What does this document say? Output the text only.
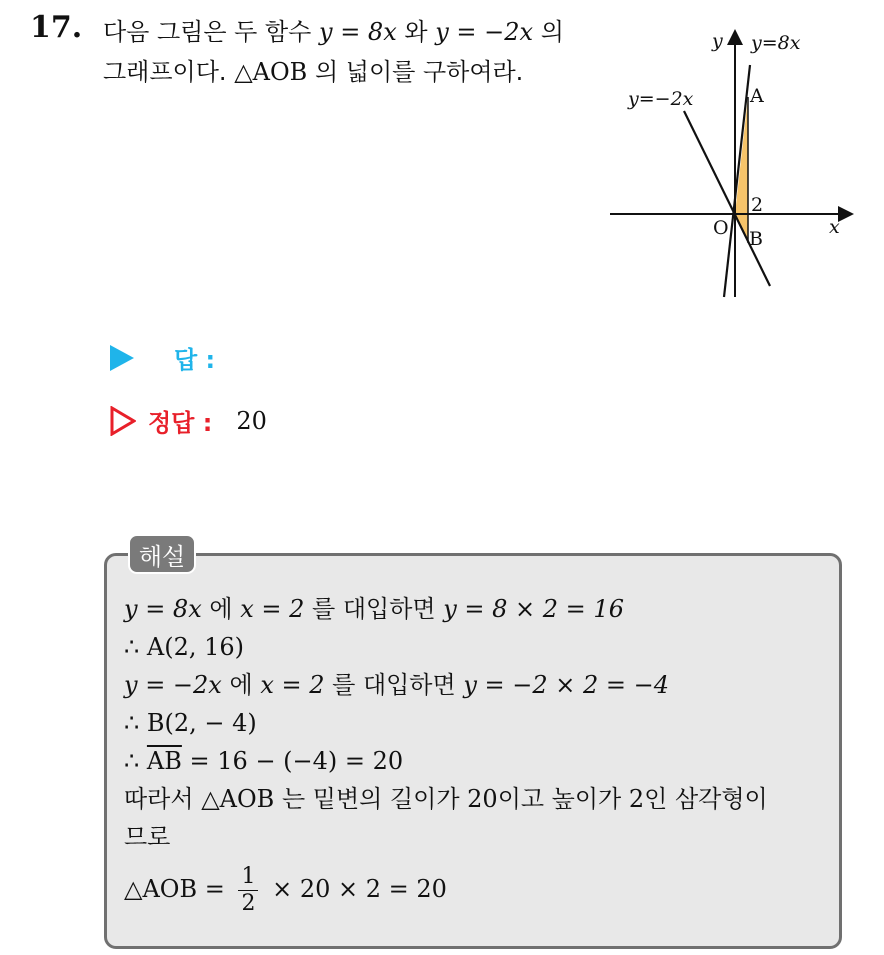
17. 다음 그림은 두 함수 y = 8x 와 y = −2x 의
그래프이다. △AOB 의 넓이를 구하여라.
y y=8x
y=−2x	A
2
O B
x
답 :
정답 : 20
해설
y = 8x 에 x = 2 를 대입하면 y = 8 × 2 = 16
∴ A(2, 16)
y = −2x 에 x = 2 를 대입하면 y = −2 × 2 = −4
∴ B(2, − 4)
∴ $\overline{AB} = 16 - (-4) = 20$
따라서 △AOB 는 밑변의 길이가 20이고 높이가 2인 삼각형이
므로
△AOB = $\frac{1}{2} \times 20 \times 2 = 20$
